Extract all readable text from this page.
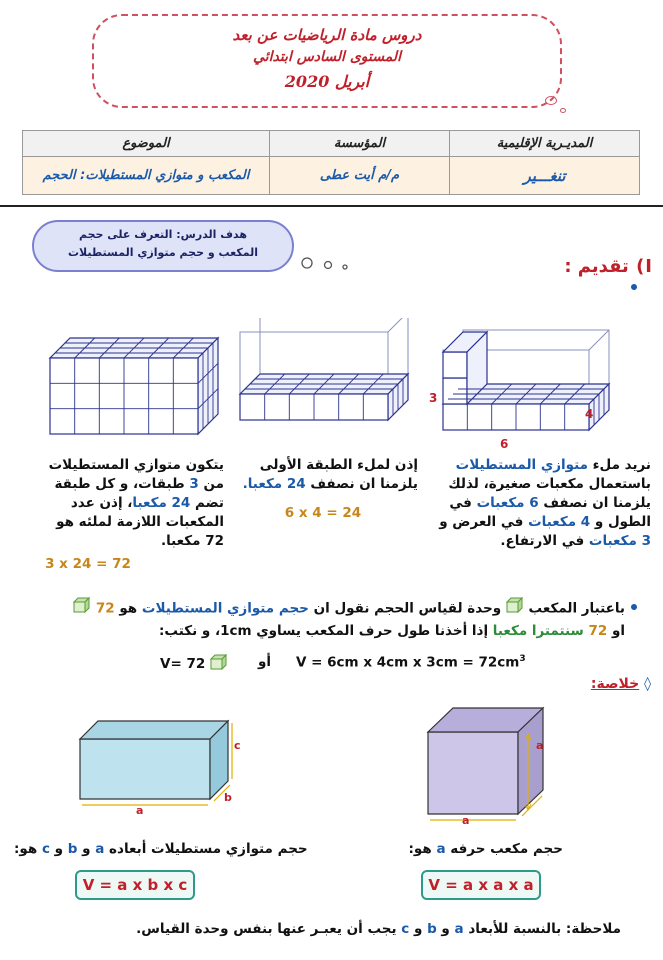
دروس مادة الرياضيات عن بعد
المستوى السادس ابتدائي
أبريل 2020
المديـرية الإقليمية	المؤسسة	الموضوع
تنغـــير	م/م أيت عطى	المكعب و متوازي المستطيلات: الحجم
هدف الدرس: التعرف على حجم
المكعب و حجم متوازي المستطيلات
I) تقديم :
3
4
6
نريد ملء متوازي المستطيلات
باستعمال مكعبات صغيرة، لذلك
يلزمنا ان نصفف 6 مكعبات في
الطول و 4 مكعبات في العرض و
3 مكعبات في الارتفاع.
إذن لملء الطبقة الأولى
يلزمنا ان نصفف 24 مكعبا.
6 x 4 = 24
يتكون متوازي المستطيلات
من 3 طبقات، و كل طبقة
تضم 24 مكعبا، إذن عدد
المكعبات اللازمة لملئه هو
72 مكعبا.
3 x 24 = 72
باعتبار المكعب  وحدة لقياس الحجم نقول ان حجم متوازي المستطيلات هو 72
او 72 سنتمترا مكعبا إذا أخذنا طول حرف المكعب يساوي 1cm، و نكتب:
V = 6cm x 4cm x $3cm = 72cm^3$
أو
V= 72
◊ خلاصة:
a
a
c
b
a
حجم مكعب حرفه a هو:
حجم متوازي مستطيلات أبعاده a و b و c هو:
V = a x a x a
V = a x b x c
ملاحظة: بالنسبة للأبعاد a و b و c يجب أن يعبـر عنها بنفس وحدة القياس.
